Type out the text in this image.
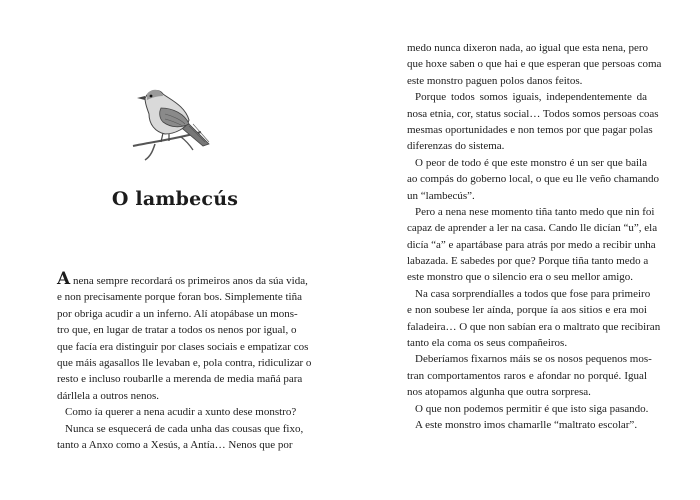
O lambecús
A nena sempre recordará os primeiros anos da súa vida,
e non precisamente porque foran bos. Simplemente tiña
por obriga acudir a un inferno. Alí atopábase un mons-
tro que, en lugar de tratar a todos os nenos por igual, o
que facía era distinguir por clases sociais e empatizar cos
que máis agasallos lle levaban e, pola contra, ridiculizar o
resto e incluso roubarlle a merenda de media mañá para
dárllela a outros nenos.
Como ía querer a nena acudir a xunto dese monstro?
Nunca se esquecerá de cada unha das cousas que fixo,
tanto a Anxo como a Xesús, a Antía… Nenos que por
medo nunca dixeron nada, ao igual que esta nena, pero
que hoxe saben o que hai e que esperan que persoas coma
este monstro paguen polos danos feitos.
Porque todos somos iguais, independentemente da
nosa etnia, cor, status social… Todos somos persoas coas
mesmas oportunidades e non temos por que pagar polas
diferenzas do sistema.
O peor de todo é que este monstro é un ser que baila
ao compás do goberno local, o que eu lle veño chamando
un “lambecús”.
Pero a nena nese momento tiña tanto medo que nin foi
capaz de aprender a ler na casa. Cando lle dicían “u”, ela
dicía “a” e apartábase para atrás por medo a recibir unha
labazada. E sabedes por que? Porque tiña tanto medo a
este monstro que o silencio era o seu mellor amigo.
Na casa sorprendíalles a todos que fose para primeiro
e non soubese ler aínda, porque ía aos sitios e era moi
faladeira… O que non sabían era o maltrato que recibiran
tanto ela coma os seus compañeiros.
Deberíamos fixarnos máis se os nosos pequenos mos-
tran comportamentos raros e afondar no porqué. Igual
nos atopamos algunha que outra sorpresa.
O que non podemos permitir é que isto siga pasando.
A este monstro imos chamarlle “maltrato escolar”.
